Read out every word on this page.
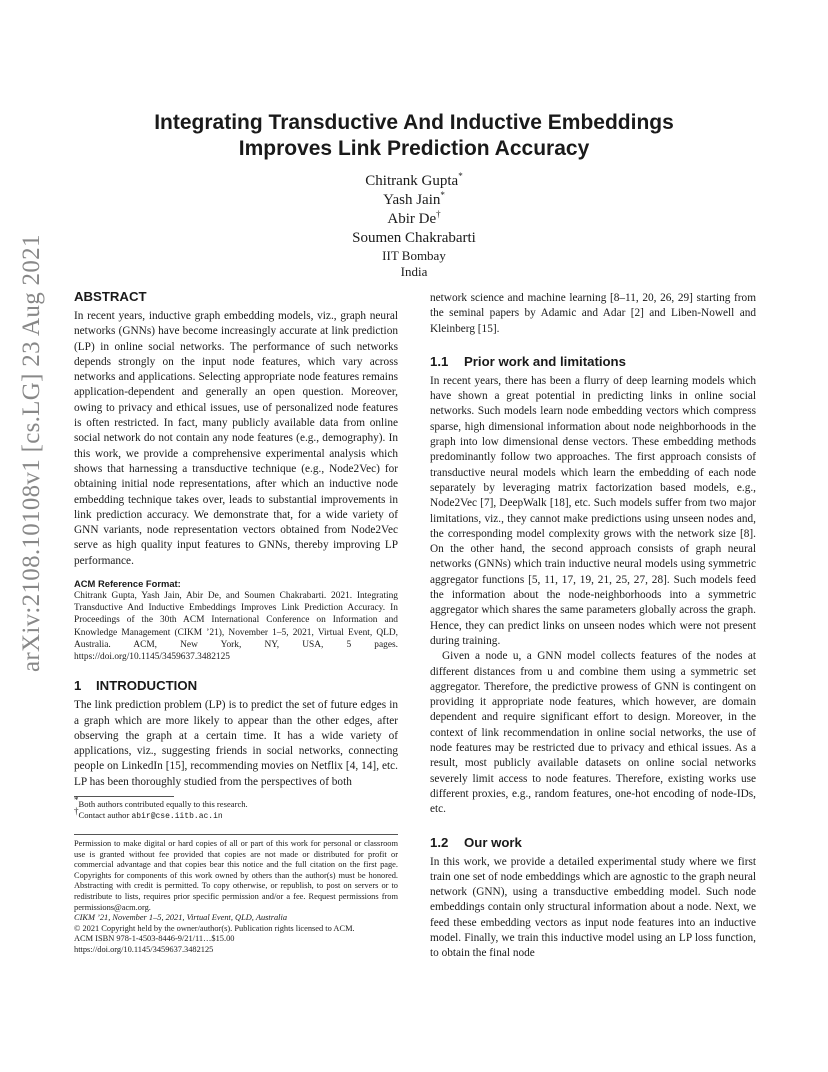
arXiv:2108.10108v1 [cs.LG] 23 Aug 2021
Integrating Transductive And Inductive Embeddings
Improves Link Prediction Accuracy
Chitrank Gupta*
Yash Jain*
Abir De†
Soumen Chakrabarti
IIT Bombay
India
ABSTRACT

In recent years, inductive graph embedding models, viz., graph neural networks (GNNs) have become increasingly accurate at link prediction (LP) in online social networks. The performance of such networks depends strongly on the input node features, which vary across networks and applications. Selecting appropriate node features remains application-dependent and generally an open question. Moreover, owing to privacy and ethical issues, use of personalized node features is often restricted. In fact, many publicly available data from online social network do not contain any node features (e.g., demography). In this work, we provide a comprehensive experimental analysis which shows that harnessing a transductive technique (e.g., Node2Vec) for obtaining initial node representations, after which an inductive node embedding technique takes over, leads to substantial improvements in link prediction accuracy. We demonstrate that, for a wide variety of GNN variants, node representation vectors obtained from Node2Vec serve as high quality input features to GNNs, thereby improving LP performance.

ACM Reference Format:

Chitrank Gupta, Yash Jain, Abir De, and Soumen Chakrabarti. 2021. Integrating Transductive And Inductive Embeddings Improves Link Prediction Accuracy. In Proceedings of the 30th ACM International Conference on Information and Knowledge Management (CIKM ’21), November 1–5, 2021, Virtual Event, QLD, Australia. ACM, New York, NY, USA, 5 pages. https://doi.org/10.1145/3459637.3482125

1	INTRODUCTION

The link prediction problem (LP) is to predict the set of future edges in a graph which are more likely to appear than the other edges, after observing the graph at a certain time. It has a wide variety of applications, viz., suggesting friends in social networks, connecting people on LinkedIn [15], recommending movies on Netflix [4, 14], etc. LP has been thoroughly studied from the perspectives of both

*Both authors contributed equally to this research.
†Contact author abir@cse.iitb.ac.in

Permission to make digital or hard copies of all or part of this work for personal or classroom use is granted without fee provided that copies are not made or distributed for profit or commercial advantage and that copies bear this notice and the full citation on the first page. Copyrights for components of this work owned by others than the author(s) must be honored. Abstracting with credit is permitted. To copy otherwise, or republish, to post on servers or to redistribute to lists, requires prior specific permission and/or a fee. Request permissions from permissions@acm.org.

CIKM ’21, November 1–5, 2021, Virtual Event, QLD, Australia

© 2021 Copyright held by the owner/author(s). Publication rights licensed to ACM.

ACM ISBN 978-1-4503-8446-9/21/11…$15.00

https://doi.org/10.1145/3459637.3482125

network science and machine learning [8–11, 20, 26, 29] starting from the seminal papers by Adamic and Adar [2] and Liben-Nowell and Kleinberg [15].

1.1	Prior work and limitations

In recent years, there has been a flurry of deep learning models which have shown a great potential in predicting links in online social networks. Such models learn node embedding vectors which compress sparse, high dimensional information about node neighborhoods in the graph into low dimensional dense vectors. These embedding methods predominantly follow two approaches. The first approach consists of transductive neural models which learn the embedding of each node separately by leveraging matrix factorization based models, e.g., Node2Vec [7], DeepWalk [18], etc. Such models suffer from two major limitations, viz., they cannot make predictions using unseen nodes and, the corresponding model complexity grows with the network size [8]. On the other hand, the second approach consists of graph neural networks (GNNs) which train inductive neural models using symmetric aggregator functions [5, 11, 17, 19, 21, 25, 27, 28]. Such models feed the information about the node-neighborhoods into a symmetric aggregator which shares the same parameters globally across the graph. Hence, they can predict links on unseen nodes which were not present during training.

Given a node u, a GNN model collects features of the nodes at different distances from u and combine them using a symmetric set aggregator. Therefore, the predictive prowess of GNN is contingent on providing it appropriate node features, which however, are domain dependent and require significant effort to design. Moreover, in the context of link recommendation in online social networks, the use of node features may be restricted due to privacy and ethical issues. As a result, most publicly available datasets on online social networks severely limit access to node features. Therefore, existing works use different proxies, e.g., random features, one-hot encoding of node-IDs, etc.

1.2	Our work

In this work, we provide a detailed experimental study where we first train one set of node embeddings which are agnostic to the graph neural network (GNN), using a transductive embedding model. Such node embeddings contain only structural information about a node. Next, we feed these embedding vectors as input node features into an inductive model. Finally, we train this inductive model using an LP loss function, to obtain the final node
